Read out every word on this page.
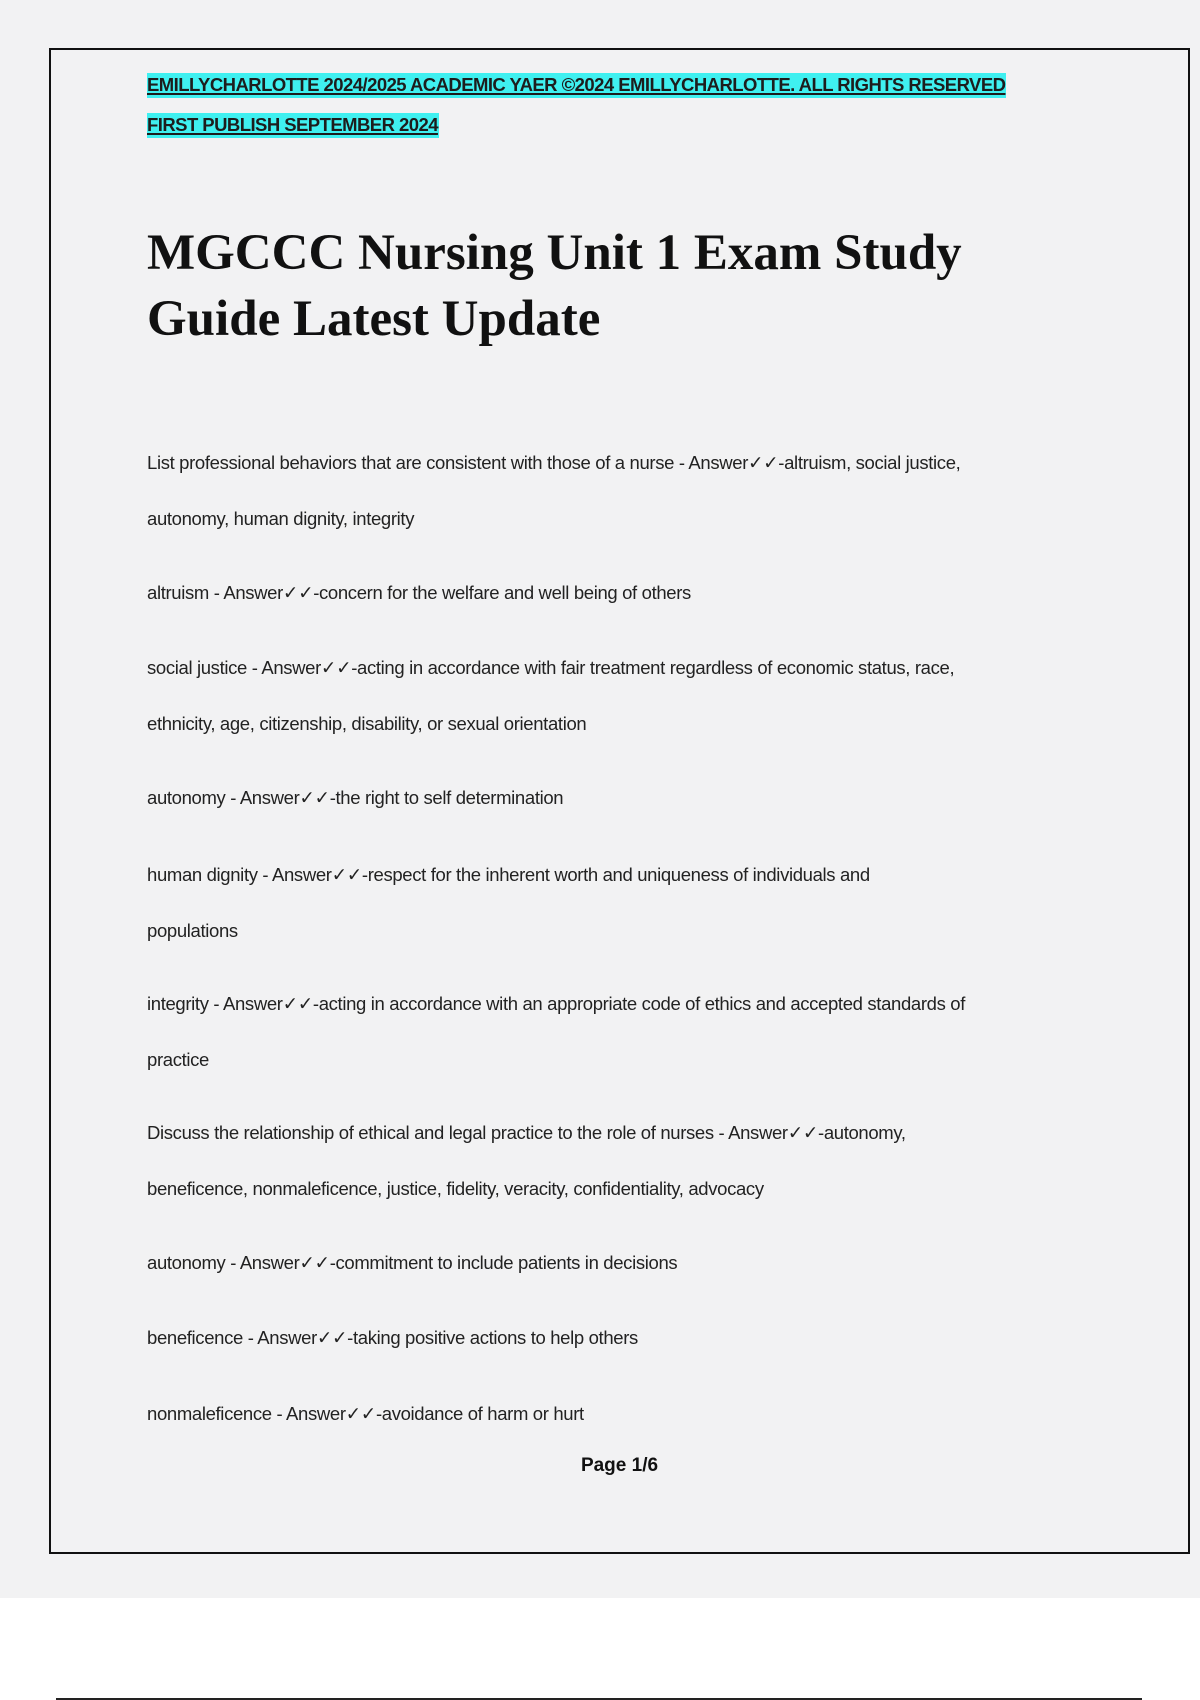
EMILLYCHARLOTTE 2024/2025 ACADEMIC YAER ©2024 EMILLYCHARLOTTE. ALL RIGHTS RESERVED
FIRST PUBLISH SEPTEMBER 2024
MGCCC Nursing Unit 1 Exam Study Guide Latest Update
List professional behaviors that are consistent with those of a nurse - Answer✓✓-altruism, social justice,
autonomy, human dignity, integrity
altruism - Answer✓✓-concern for the welfare and well being of others
social justice - Answer✓✓-acting in accordance with fair treatment regardless of economic status, race,
ethnicity, age, citizenship, disability, or sexual orientation
autonomy - Answer✓✓-the right to self determination
human dignity - Answer✓✓-respect for the inherent worth and uniqueness of individuals and
populations
integrity - Answer✓✓-acting in accordance with an appropriate code of ethics and accepted standards of
practice
Discuss the relationship of ethical and legal practice to the role of nurses - Answer✓✓-autonomy,
beneficence, nonmaleficence, justice, fidelity, veracity, confidentiality, advocacy
autonomy - Answer✓✓-commitment to include patients in decisions
beneficence - Answer✓✓-taking positive actions to help others
nonmaleficence - Answer✓✓-avoidance of harm or hurt
Page 1/6
